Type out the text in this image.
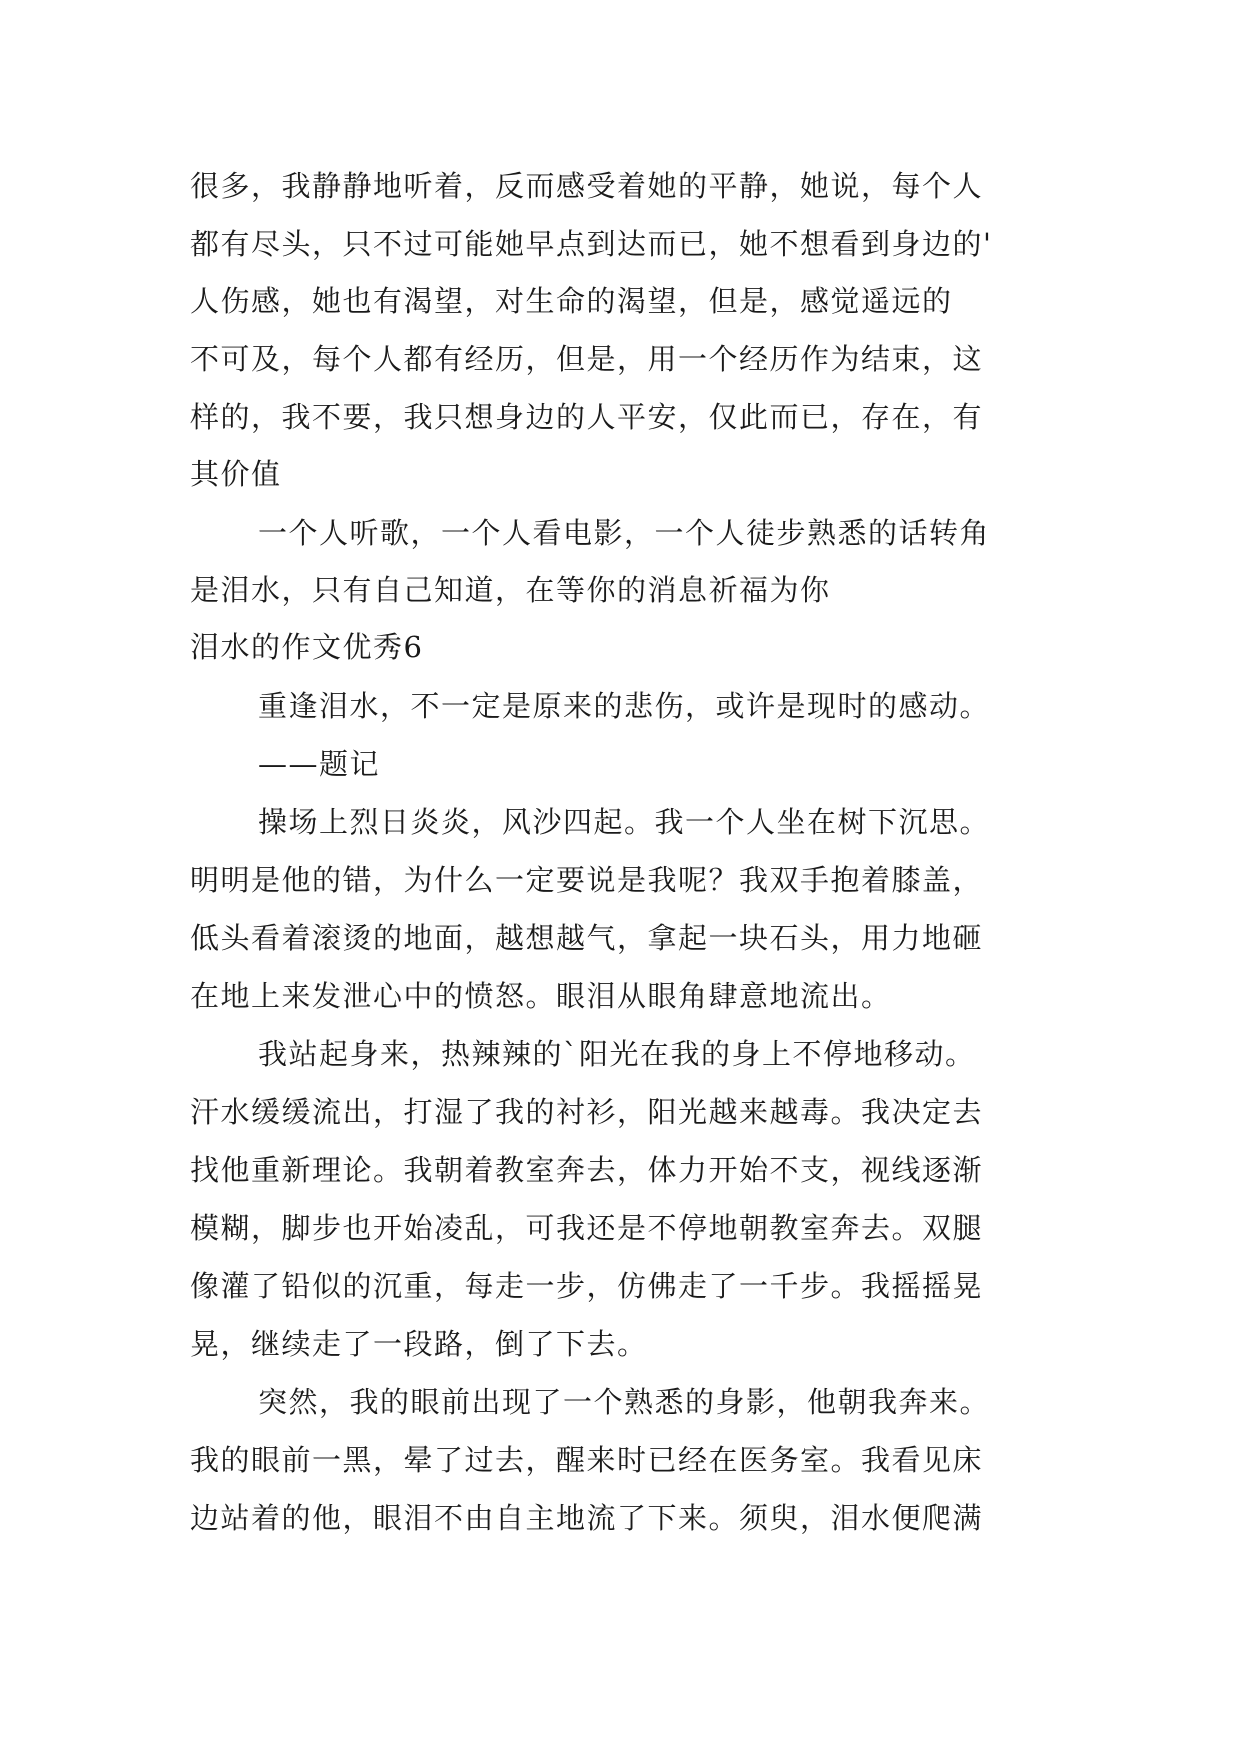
很多，我静静地听着，反而感受着她的平静，她说，每个人
都有尽头，只不过可能她早点到达而已，她不想看到身边的'
人伤感，她也有渴望，对生命的渴望，但是，感觉遥远的
不可及，每个人都有经历，但是，用一个经历作为结束，这
样的，我不要，我只想身边的人平安，仅此而已，存在，有
其价值
一个人听歌，一个人看电影，一个人徒步熟悉的话转角
是泪水，只有自己知道，在等你的消息祈福为你
泪水的作文优秀6
重逢泪水，不一定是原来的悲伤，或许是现时的感动。
——题记
操场上烈日炎炎，风沙四起。我一个人坐在树下沉思。
明明是他的错，为什么一定要说是我呢？我双手抱着膝盖，
低头看着滚烫的地面，越想越气，拿起一块石头，用力地砸
在地上来发泄心中的愤怒。眼泪从眼角肆意地流出。
我站起身来，热辣辣的`阳光在我的身上不停地移动。
汗水缓缓流出，打湿了我的衬衫，阳光越来越毒。我决定去
找他重新理论。我朝着教室奔去，体力开始不支，视线逐渐
模糊，脚步也开始凌乱，可我还是不停地朝教室奔去。双腿
像灌了铅似的沉重，每走一步，仿佛走了一千步。我摇摇晃
晃，继续走了一段路，倒了下去。
突然，我的眼前出现了一个熟悉的身影，他朝我奔来。
我的眼前一黑，晕了过去，醒来时已经在医务室。我看见床
边站着的他，眼泪不由自主地流了下来。须臾，泪水便爬满
